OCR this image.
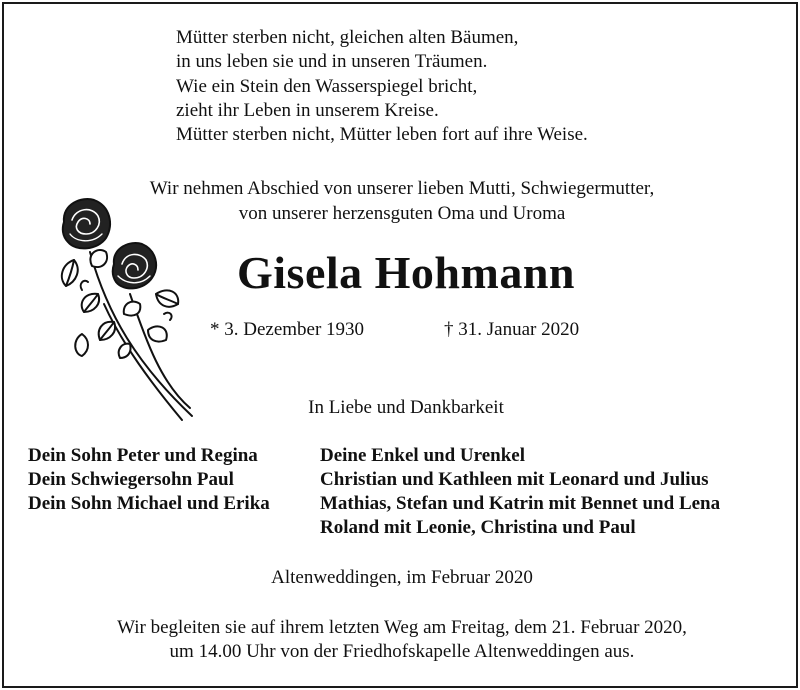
Mütter sterben nicht, gleichen alten Bäumen,
in uns leben sie und in unseren Träumen.
Wie ein Stein den Wasserspiegel bricht,
zieht ihr Leben in unserem Kreise.
Mütter sterben nicht, Mütter leben fort auf ihre Weise.
Wir nehmen Abschied von unserer lieben Mutti, Schwiegermutter,
von unserer herzensguten Oma und Uroma
Gisela Hohmann
* 3. Dezember 1930	† 31. Januar 2020
In Liebe und Dankbarkeit
Dein Sohn Peter und Regina
Dein Schwiegersohn Paul
Dein Sohn Michael und Erika
Deine Enkel und Urenkel
Christian und Kathleen mit Leonard und Julius
Mathias, Stefan und Katrin mit Bennet und Lena
Roland mit Leonie, Christina und Paul
Altenweddingen, im Februar 2020
Wir begleiten sie auf ihrem letzten Weg am Freitag, dem 21. Februar 2020,
um 14.00 Uhr von der Friedhofskapelle Altenweddingen aus.
